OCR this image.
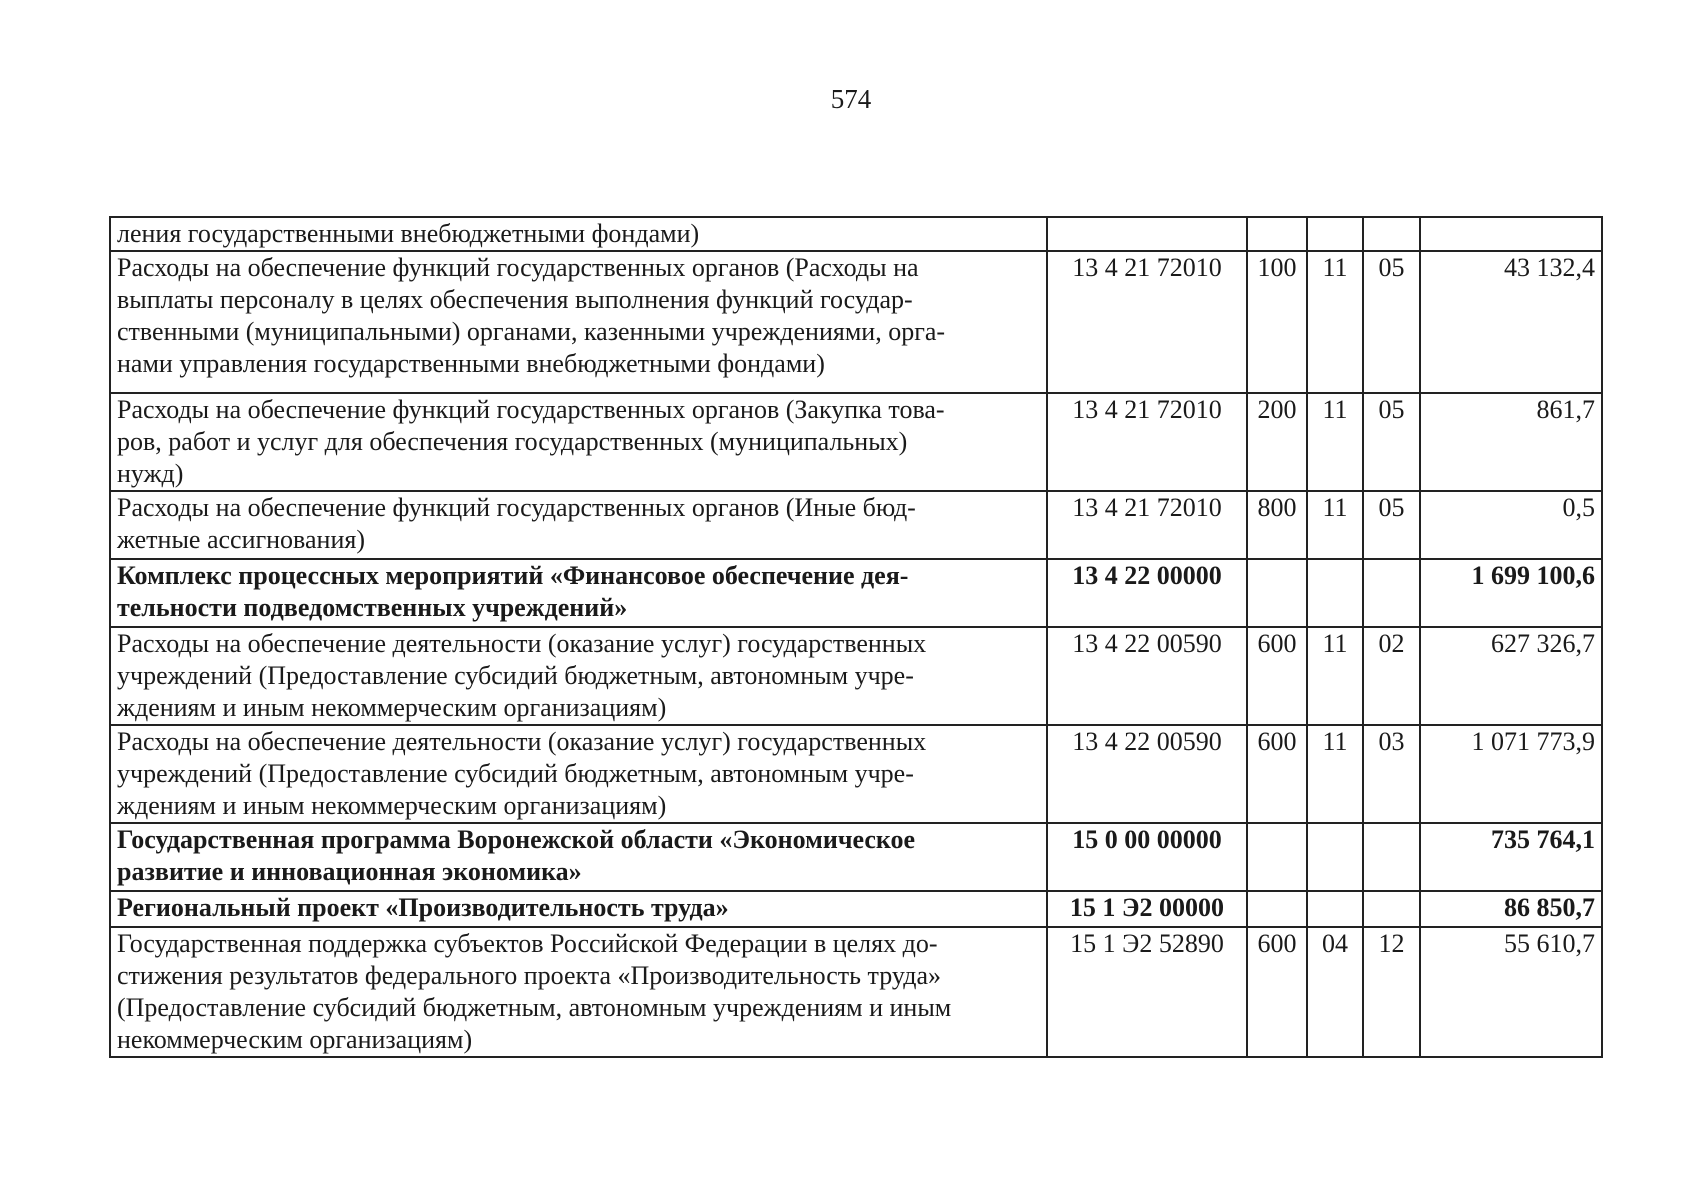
574
ления государственными внебюджетными фондами)					

Расходы на обеспечение функций государственных органов (Расходы на
выплаты персоналу в целях обеспечения выполнения функций государ-
ственными (муниципальными) органами, казенными учреждениями, орга-
нами управления государственными внебюджетными фондами)	13 4 21 72010	100	11	05	43 132,4

Расходы на обеспечение функций государственных органов (Закупка това-
ров, работ и услуг для обеспечения государственных (муниципальных)
нужд)	13 4 21 72010	200	11	05	861,7

Расходы на обеспечение функций государственных органов (Иные бюд-
жетные ассигнования)	13 4 21 72010	800	11	05	0,5

Комплекс процессных мероприятий «Финансовое обеспечение дея-
тельности подведомственных учреждений»	13 4 22 00000				1 699 100,6

Расходы на обеспечение деятельности (оказание услуг) государственных
учреждений (Предоставление субсидий бюджетным, автономным учре-
ждениям и иным некоммерческим организациям)	13 4 22 00590	600	11	02	627 326,7

Расходы на обеспечение деятельности (оказание услуг) государственных
учреждений (Предоставление субсидий бюджетным, автономным учре-
ждениям и иным некоммерческим организациям)	13 4 22 00590	600	11	03	1 071 773,9

Государственная программа Воронежской области «Экономическое
развитие и инновационная экономика»	15 0 00 00000				735 764,1

Региональный проект «Производительность труда»	15 1 Э2 00000				86 850,7

Государственная поддержка субъектов Российской Федерации в целях до-
стижения результатов федерального проекта «Производительность труда»
(Предоставление субсидий бюджетным, автономным учреждениям и иным
некоммерческим организациям)	15 1 Э2 52890	600	04	12	55 610,7
